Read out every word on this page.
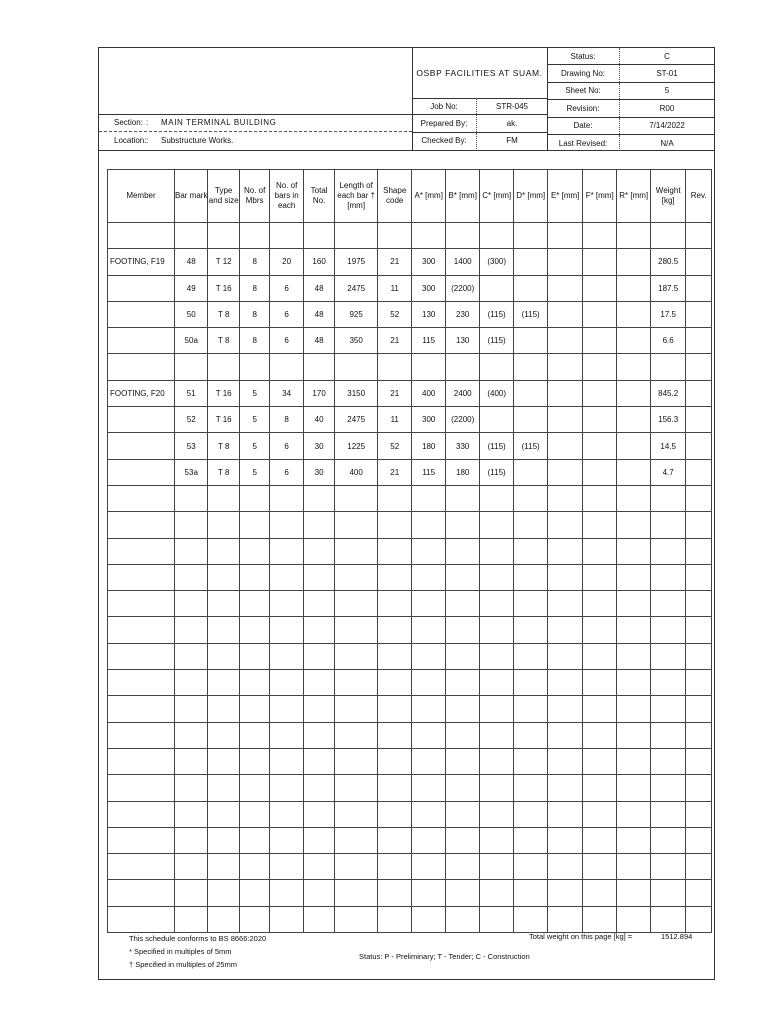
Section: : MAIN TERMINAL BUILDING
Location: : Substructure Works.
OSBP FACILITIES AT SUAM.
Job No:	STR-045
Prepared By:	ak.
Checked By:	FM
Status:	C
Drawing No:	ST-01
Sheet No:	5
Revision:	R00
Date:	7/14/2022
Last Revised:	N/A
Member	Bar mark	Type and size	No. of Mbrs	No. of bars in each	Total No.	Length of each bar † [mm]	Shape code	A* [mm]	B* [mm]	C* [mm]	D* [mm]	E* [mm]	F* [mm]	R* [mm]	Weight [kg]	Rev.

FOOTING, F19	48	T 12	8	20	160	1975	21	300	1400	(300)					280.5	
	49	T 16	8	6	48	2475	11	300	(2200)						187.5	
	50	T 8	8	6	48	925	52	130	230	(115)	(115)				17.5	
	50a	T 8	8	6	48	350	21	115	130	(115)					6.6	

FOOTING, F20	51	T 16	5	34	170	3150	21	400	2400	(400)					845.2	
	52	T 16	5	8	40	2475	11	300	(2200)						156.3	
	53	T 8	5	6	30	1225	52	180	330	(115)	(115)				14.5	
	53a	T 8	5	6	30	400	21	115	180	(115)					4.7	

This schedule conforms to BS 8666:2020
* Specified in multiples of 5mm
† Specified in multiples of 25mm
Status: P - Preliminary; T - Tender; C - Construction
Total weight on this page [kg] =	1512.894
